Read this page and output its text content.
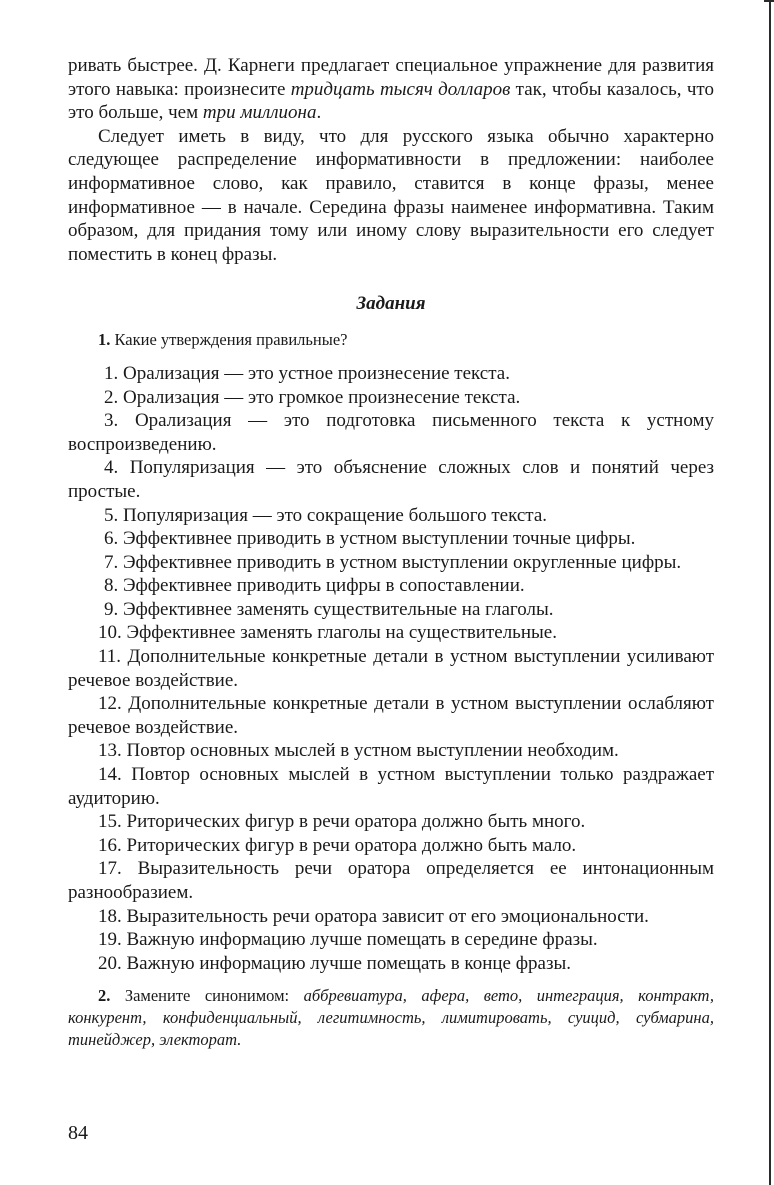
ривать быстрее. Д. Карнеги предлагает специальное упражнение для развития этого навыка: произнесите тридцать тысяч долларов так, чтобы казалось, что это больше, чем три миллиона.

Следует иметь в виду, что для русского языка обычно характерно следующее распределение информативности в предложении: наиболее информативное слово, как правило, ставится в конце фразы, менее информативное — в начале. Середина фразы наименее информативна. Таким образом, для придания тому или иному слову выразительности его следует поместить в конец фразы.

Задания

1. Какие утверждения правильные?

1. Орализация — это устное произнесение текста.
2. Орализация — это громкое произнесение текста.
3. Орализация — это подготовка письменного текста к устному воспроизведению.
4. Популяризация — это объяснение сложных слов и понятий через простые.
5. Популяризация — это сокращение большого текста.
6. Эффективнее приводить в устном выступлении точные цифры.
7. Эффективнее приводить в устном выступлении округленные цифры.
8. Эффективнее приводить цифры в сопоставлении.
9. Эффективнее заменять существительные на глаголы.
10. Эффективнее заменять глаголы на существительные.
11. Дополнительные конкретные детали в устном выступлении усиливают речевое воздействие.
12. Дополнительные конкретные детали в устном выступлении ослабляют речевое воздействие.
13. Повтор основных мыслей в устном выступлении необходим.
14. Повтор основных мыслей в устном выступлении только раздражает аудиторию.
15. Риторических фигур в речи оратора должно быть много.
16. Риторических фигур в речи оратора должно быть мало.
17. Выразительность речи оратора определяется ее интонационным разнообразием.
18. Выразительность речи оратора зависит от его эмоциональности.
19. Важную информацию лучше помещать в середине фразы.
20. Важную информацию лучше помещать в конце фразы.

2. Замените синонимом: аббревиатура, афера, вето, интеграция, контракт, конкурент, конфиденциальный, легитимность, лимитировать, суицид, субмарина, тинейджер, электорат.

84
